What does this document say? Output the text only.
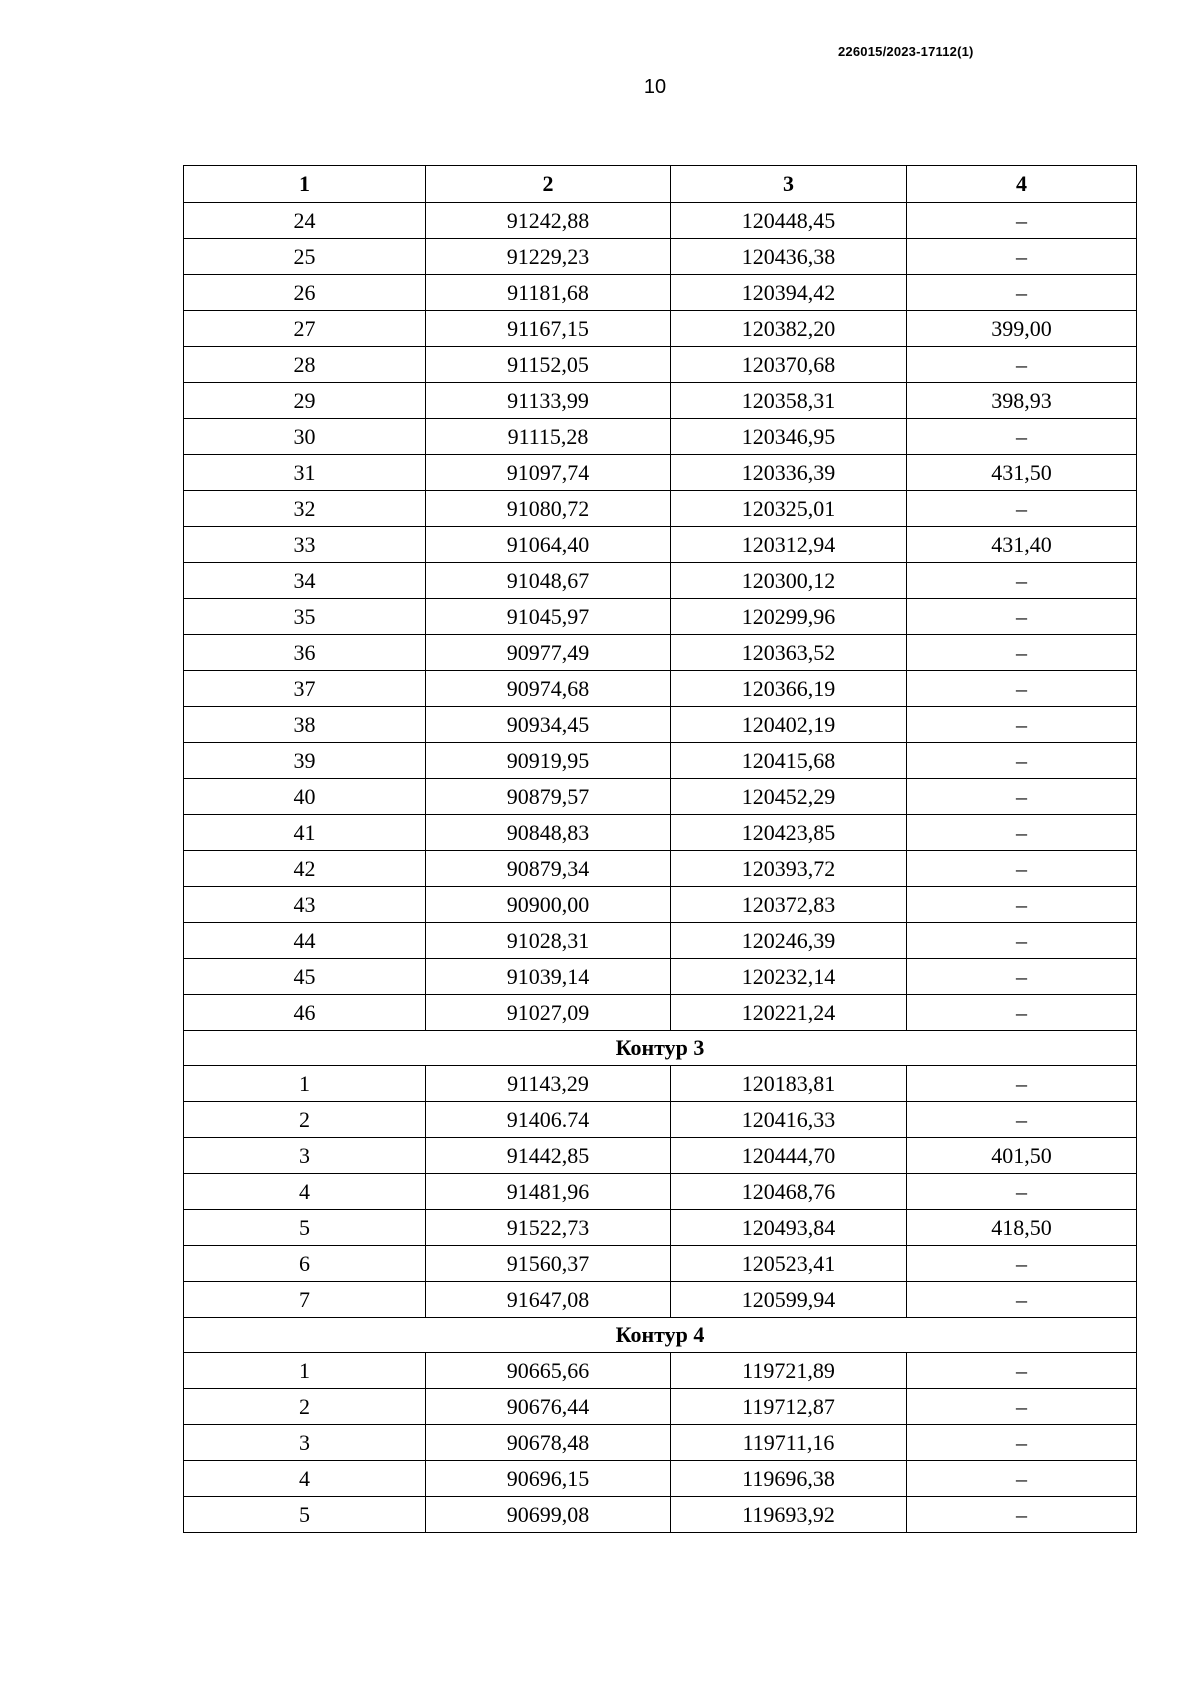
226015/2023-17112(1)
10
1	2	3	4
24	91242,88	120448,45	–
25	91229,23	120436,38	–
26	91181,68	120394,42	–
27	91167,15	120382,20	399,00
28	91152,05	120370,68	–
29	91133,99	120358,31	398,93
30	91115,28	120346,95	–
31	91097,74	120336,39	431,50
32	91080,72	120325,01	–
33	91064,40	120312,94	431,40
34	91048,67	120300,12	–
35	91045,97	120299,96	–
36	90977,49	120363,52	–
37	90974,68	120366,19	–
38	90934,45	120402,19	–
39	90919,95	120415,68	–
40	90879,57	120452,29	–
41	90848,83	120423,85	–
42	90879,34	120393,72	–
43	90900,00	120372,83	–
44	91028,31	120246,39	–
45	91039,14	120232,14	–
46	91027,09	120221,24	–
Контур 3			
1	91143,29	120183,81	–
2	91406.74	120416,33	–
3	91442,85	120444,70	401,50
4	91481,96	120468,76	–
5	91522,73	120493,84	418,50
6	91560,37	120523,41	–
7	91647,08	120599,94	–
Контур 4			
1	90665,66	119721,89	–
2	90676,44	119712,87	–
3	90678,48	119711,16	–
4	90696,15	119696,38	–
5	90699,08	119693,92	–
